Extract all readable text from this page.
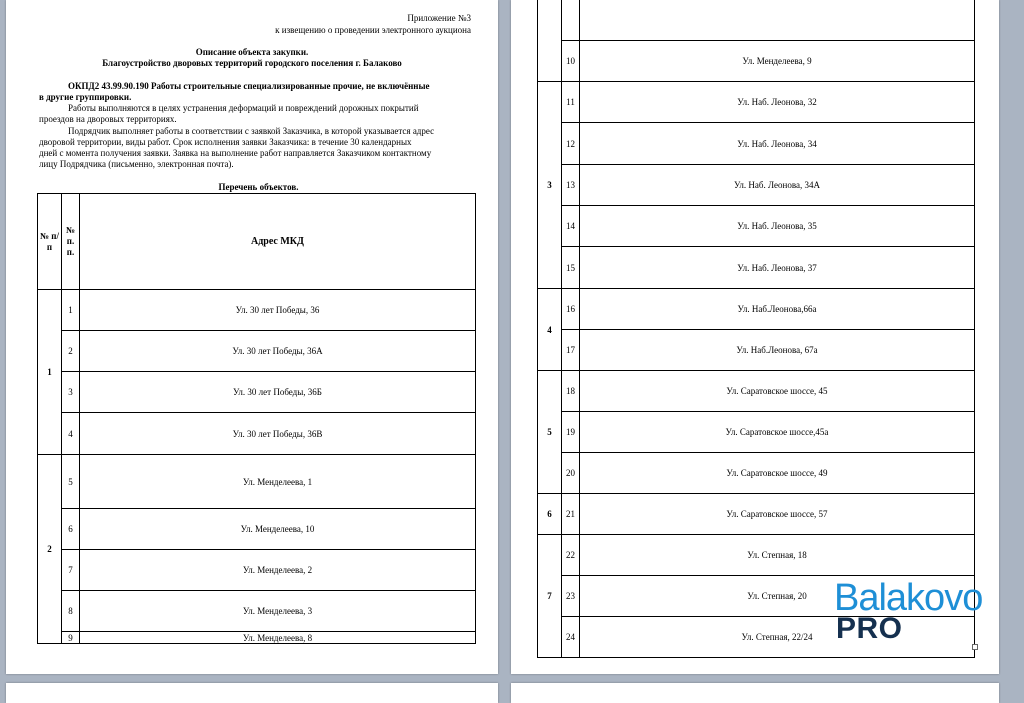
Приложение №3
к извещению о проведении электронного аукциона
Описание объекта закупки.
Благоустройство дворовых территорий городского поселения г. Балаково
ОКПД2 43.99.90.190 Работы строительные специализированные прочие, не включённые
в другие группировки.
Работы выполняются в целях устранения деформаций и повреждений дорожных покрытий
проездов на дворовых территориях.
Подрядчик выполняет работы в соответствии с заявкой Заказчика, в которой указывается адрес
дворовой территории, виды работ. Срок исполнения заявки Заказчика: в течение 30 календарных
дней с момента получения заявки. Заявка на выполнение работ направляется Заказчиком контактному
лицу Подрядчика (письменно, электронная почта).
Перечень объектов.
№ п/п	№ п. п.	Адрес МКД
1	1	Ул. 30 лет Победы, 36
	2	Ул. 30 лет Победы, 36А
	3	Ул. 30 лет Победы, 36Б
	4	Ул. 30 лет Победы, 36В
2	5	Ул. Менделеева, 1
	6	Ул. Менделеева, 10
	7	Ул. Менделеева, 2
	8	Ул. Менделеева, 3
	9	Ул. Менделеева, 8

	10	Ул. Менделеева, 9
3	11	Ул. Наб. Леонова, 32
	12	Ул. Наб. Леонова, 34
	13	Ул. Наб. Леонова, 34А
	14	Ул. Наб. Леонова, 35
	15	Ул. Наб. Леонова, 37
4	16	Ул. Наб.Леонова,66а
	17	Ул. Наб.Леонова, 67а
5	18	Ул. Саратовское шоссе, 45
	19	Ул. Саратовское шоссе,45а
	20	Ул. Саратовское шоссе, 49
6	21	Ул. Саратовское шоссе, 57
7	22	Ул. Степная, 18
	23	Ул. Степная, 20
	24	Ул. Степная, 22/24
Balakovo
PRO
